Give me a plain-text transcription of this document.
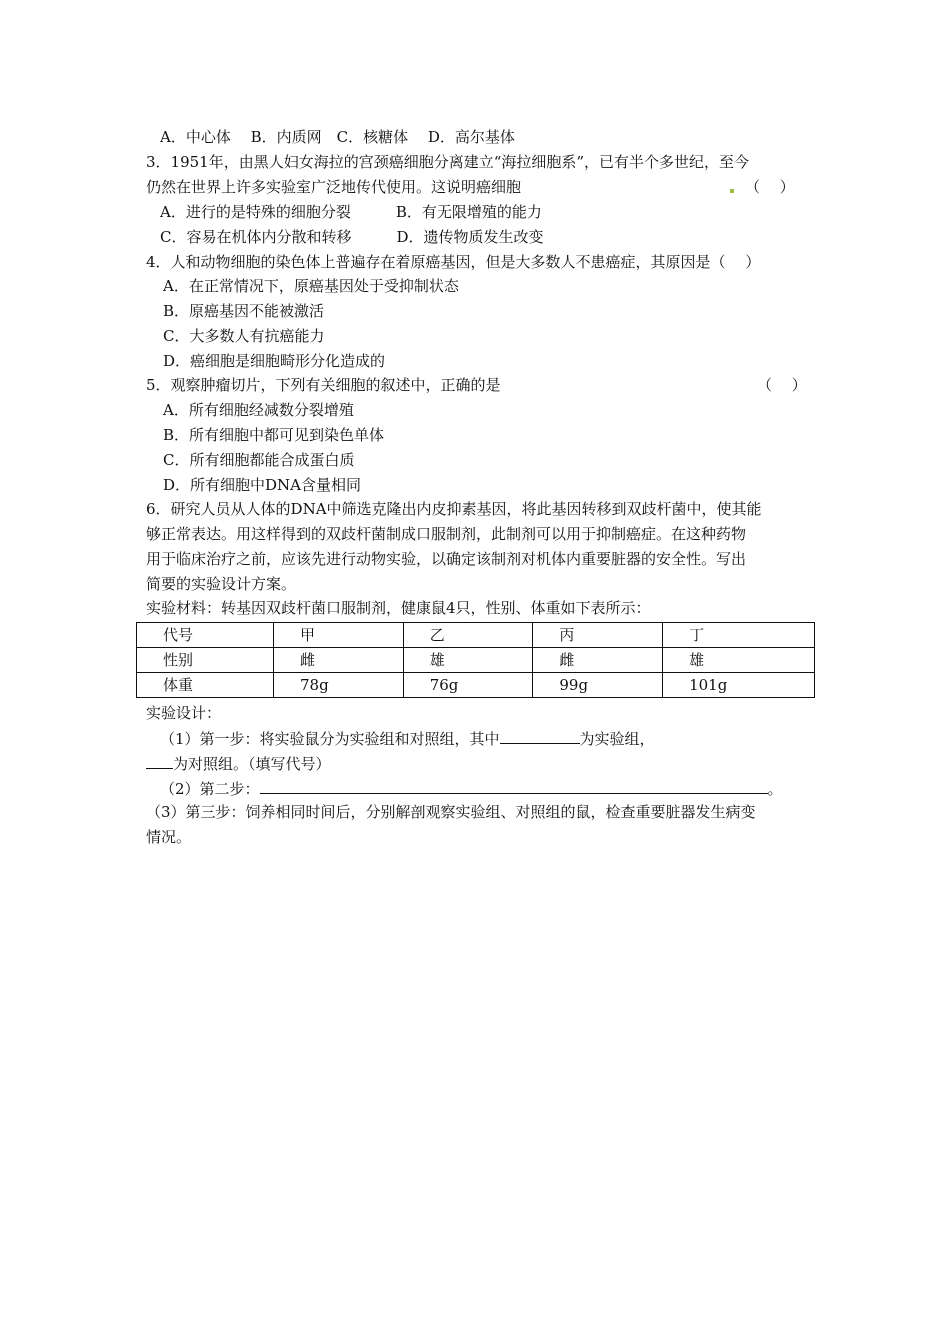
A．中心体　 B．内质网　C．核糖体　 D．高尔基体
3．1951年，由黑人妇女海拉的宫颈癌细胞分离建立“海拉细胞系”，已有半个多世纪，至今
仍然在世界上许多实验室广泛地传代使用。这说明癌细胞	（　 ）
A．进行的是特殊的细胞分裂　　　B．有无限增殖的能力
C．容易在机体内分散和转移　　　D．遗传物质发生改变
4．人和动物细胞的染色体上普遍存在着原癌基因，但是大多数人不患癌症，其原因是（　 ）
A．在正常情况下，原癌基因处于受抑制状态
B．原癌基因不能被激活
C．大多数人有抗癌能力
D．癌细胞是细胞畸形分化造成的
5．观察肿瘤切片，下列有关细胞的叙述中，正确的是	（　 ）
A．所有细胞经减数分裂增殖
B．所有细胞中都可见到染色单体
C．所有细胞都能合成蛋白质
D．所有细胞中DNA含量相同
6．研究人员从人体的DNA中筛选克隆出内皮抑素基因，将此基因转移到双歧杆菌中，使其能
够正常表达。用这样得到的双歧杆菌制成口服制剂，此制剂可以用于抑制癌症。在这种药物
用于临床治疗之前，应该先进行动物实验，以确定该制剂对机体内重要脏器的安全性。写出
简要的实验设计方案。
实验材料：转基因双歧杆菌口服制剂，健康鼠4只，性别、体重如下表所示：
代号	甲	乙	丙	丁
性别	雌	雄	雌	雄
体重	78g	76g	99g	101g
实验设计：
（1）第一步：将实验鼠分为实验组和对照组，其中	为实验组，
为对照组。（填写代号）
（2）第二步：	。
（3）第三步：饲养相同时间后，分别解剖观察实验组、对照组的鼠，检查重要脏器发生病变
情况。
